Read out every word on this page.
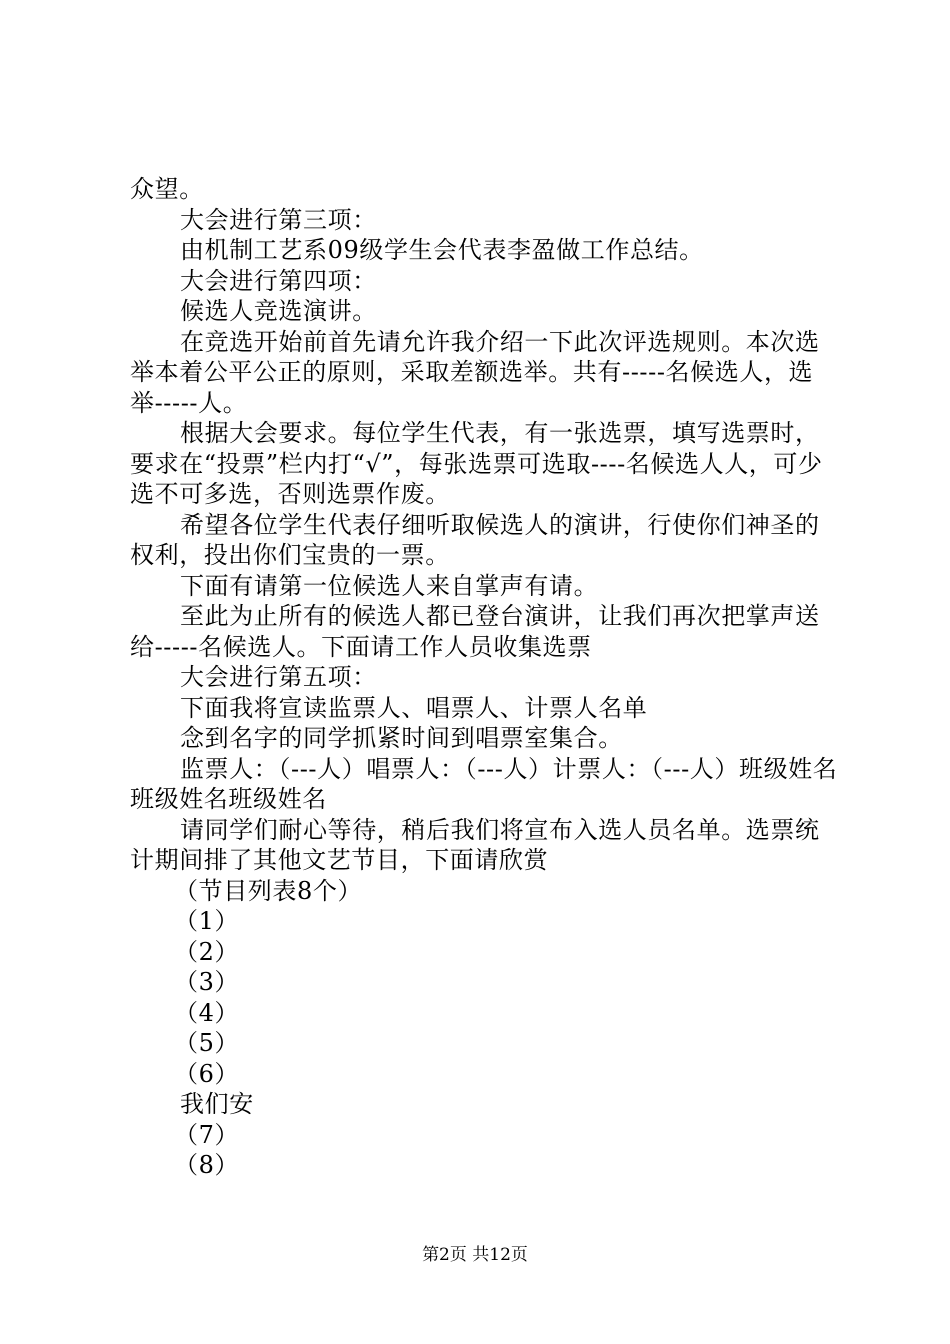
众望。

大会进行第三项：

由机制工艺系09级学生会代表李盈做工作总结。

大会进行第四项：

候选人竞选演讲。

在竞选开始前首先请允许我介绍一下此次评选规则。本次选举本着公平公正的原则，采取差额选举。共有-----名候选人，选举-----人。

根据大会要求。每位学生代表，有一张选票，填写选票时，要求在“投票”栏内打“√”，每张选票可选取----名候选人人，可少选不可多选，否则选票作废。

希望各位学生代表仔细听取候选人的演讲，行使你们神圣的权利，投出你们宝贵的一票。

下面有请第一位候选人来自掌声有请。

至此为止所有的候选人都已登台演讲，让我们再次把掌声送给-----名候选人。下面请工作人员收集选票

大会进行第五项：

下面我将宣读监票人、唱票人、计票人名单

念到名字的同学抓紧时间到唱票室集合。

监票人：（---人）唱票人：（---人）计票人：（---人）班级姓名班级姓名班级姓名

请同学们耐心等待，稍后我们将宣布入选人员名单。选票统计期间排了其他文艺节目，下面请欣赏

（节目列表8个）

（1）

（2）

（3）

（4）

（5）

（6）

我们安

（7）

（8）

第2页 共12页
